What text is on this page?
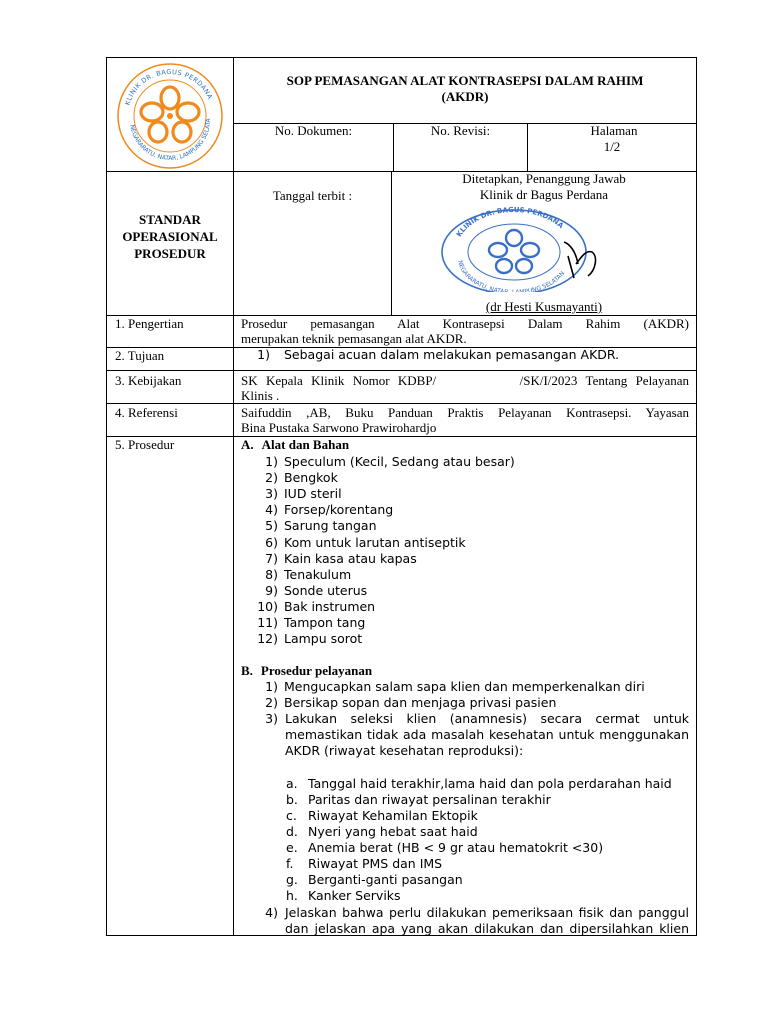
KLINIK DR. BAGUS PERDANA
NEGARARATU, NATAR, LAMPUNG SELATA
SOP PEMASANGAN ALAT KONTRASEPSI DALAM RAHIM
(AKDR)
No. Dokumen:	No. Revisi:	Halaman
1/2
STANDAR
OPERASIONAL
PROSEDUR
Tanggal terbit :
Ditetapkan, Penanggung Jawab
Klinik dr Bagus Perdana
KLINIK DR. BAGUS PERDANA
NEGARARATU, NATA PUNG SELATAN
(dr Hesti Kusmayanti)
1. Pengertian	Prosedur pemasangan Alat Kontrasepsi Dalam Rahim (AKDR)
merupakan teknik pemasangan alat AKDR.
2. Tujuan	1) Sebagai acuan dalam melakukan pemasangan AKDR.
3. Kebijakan	SK Kepala Klinik Nomor KDBP/          /SK/I/2023 Tentang Pelayanan
Klinis .
4. Referensi	Saifuddin ,AB, Buku Panduan Praktis Pelayanan Kontrasepsi. Yayasan
Bina Pustaka Sarwono Prawirohardjo
5. Prosedur	A. Alat dan Bahan
1) Speculum (Kecil, Sedang atau besar)
2) Bengkok
3) IUD steril
4) Forsep/korentang
5) Sarung tangan
6) Kom untuk larutan antiseptik
7) Kain kasa atau kapas
8) Tenakulum
9) Sonde uterus
10) Bak instrumen
11) Tampon tang
12) Lampu sorot
B. Prosedur pelayanan
1) Mengucapkan salam sapa klien dan memperkenalkan diri
2) Bersikap sopan dan menjaga privasi pasien
3) Lakukan seleksi klien (anamnesis) secara cermat untuk
memastikan tidak ada masalah kesehatan untuk menggunakan
AKDR (riwayat kesehatan reproduksi):
a. Tanggal haid terakhir,lama haid dan pola perdarahan haid
b. Paritas dan riwayat persalinan terakhir
c. Riwayat Kehamilan Ektopik
d. Nyeri yang hebat saat haid
e. Anemia berat (HB < 9 gr atau hematokrit <30)
f.	Riwayat PMS dan IMS
g. Berganti-ganti pasangan
h. Kanker Serviks
4) Jelaskan bahwa perlu dilakukan pemeriksaan fisik dan panggul
dan jelaskan apa yang akan dilakukan dan dipersilahkan klien
